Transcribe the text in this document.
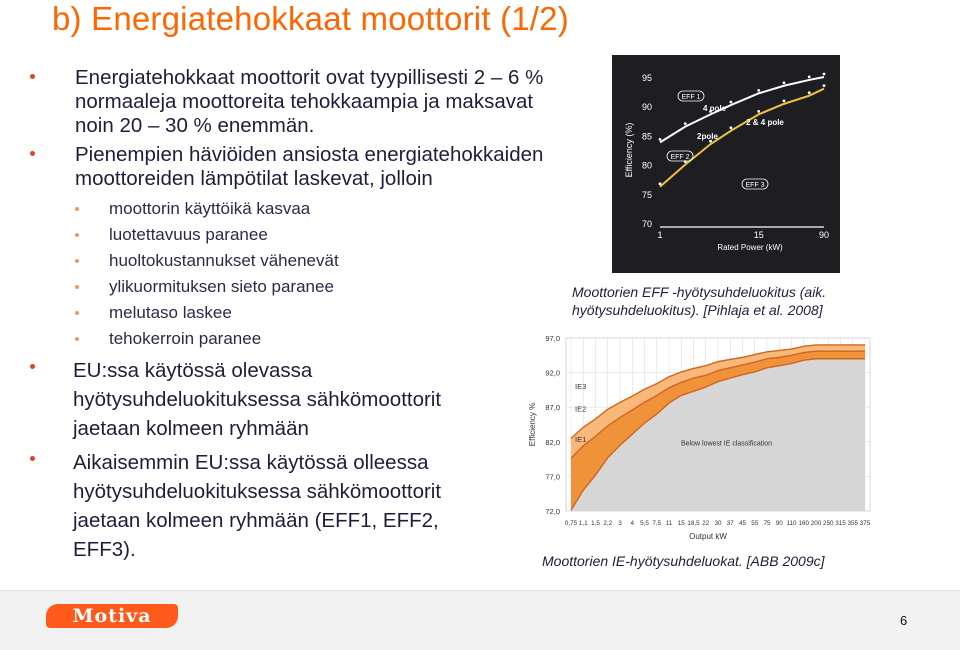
b) Energiatehokkaat moottorit (1/2)
Energiatehokkaat moottorit ovat tyypillisesti 2 – 6 % normaaleja moottoreita tehokkaampia ja maksavat noin 20 – 30 % enemmän.
Pienempien häviöiden ansiosta energiatehokkaiden moottoreiden lämpötilat laskevat, jolloin
moottorin käyttöikä kasvaa
luotettavuus paranee
huoltokustannukset vähenevät
ylikuormituksen sieto paranee
melutaso laskee
tehokerroin paranee
EU:ssa käytössä olevassa hyötysuhdeluokituksessa sähkömoottorit jaetaan kolmeen ryhmään
Aikaisemmin EU:ssa käytössä olleessa hyötysuhdeluokituksessa sähkömoottorit jaetaan kolmeen ryhmään (EFF1, EFF2, EFF3).
95
90
85
80
75
70
Efficiency (%)
1	15	90
Rated Power (kW)
EFF 1
EFF 2
EFF 3
4 pole
2 & 4 pole
2pole
Moottorien EFF -hyötysuhdeluokitus (aik. hyötysuhdeluokitus). [Pihlaja et al. 2008]
97,0
92,0
87,0
82,0
77,0
72,0
Efficiency %
0,75 1,1 1,5 2,2 3 4 5,5 7,5 11 15 18,5 22 30 37 45 55 75 90 110 160 200 250 315 355 375
Output kW
IE3
IE2
IE1	Below lowest IE classification
Moottorien IE-hyötysuhdeluokat. [ABB 2009c]
Motiva	6
